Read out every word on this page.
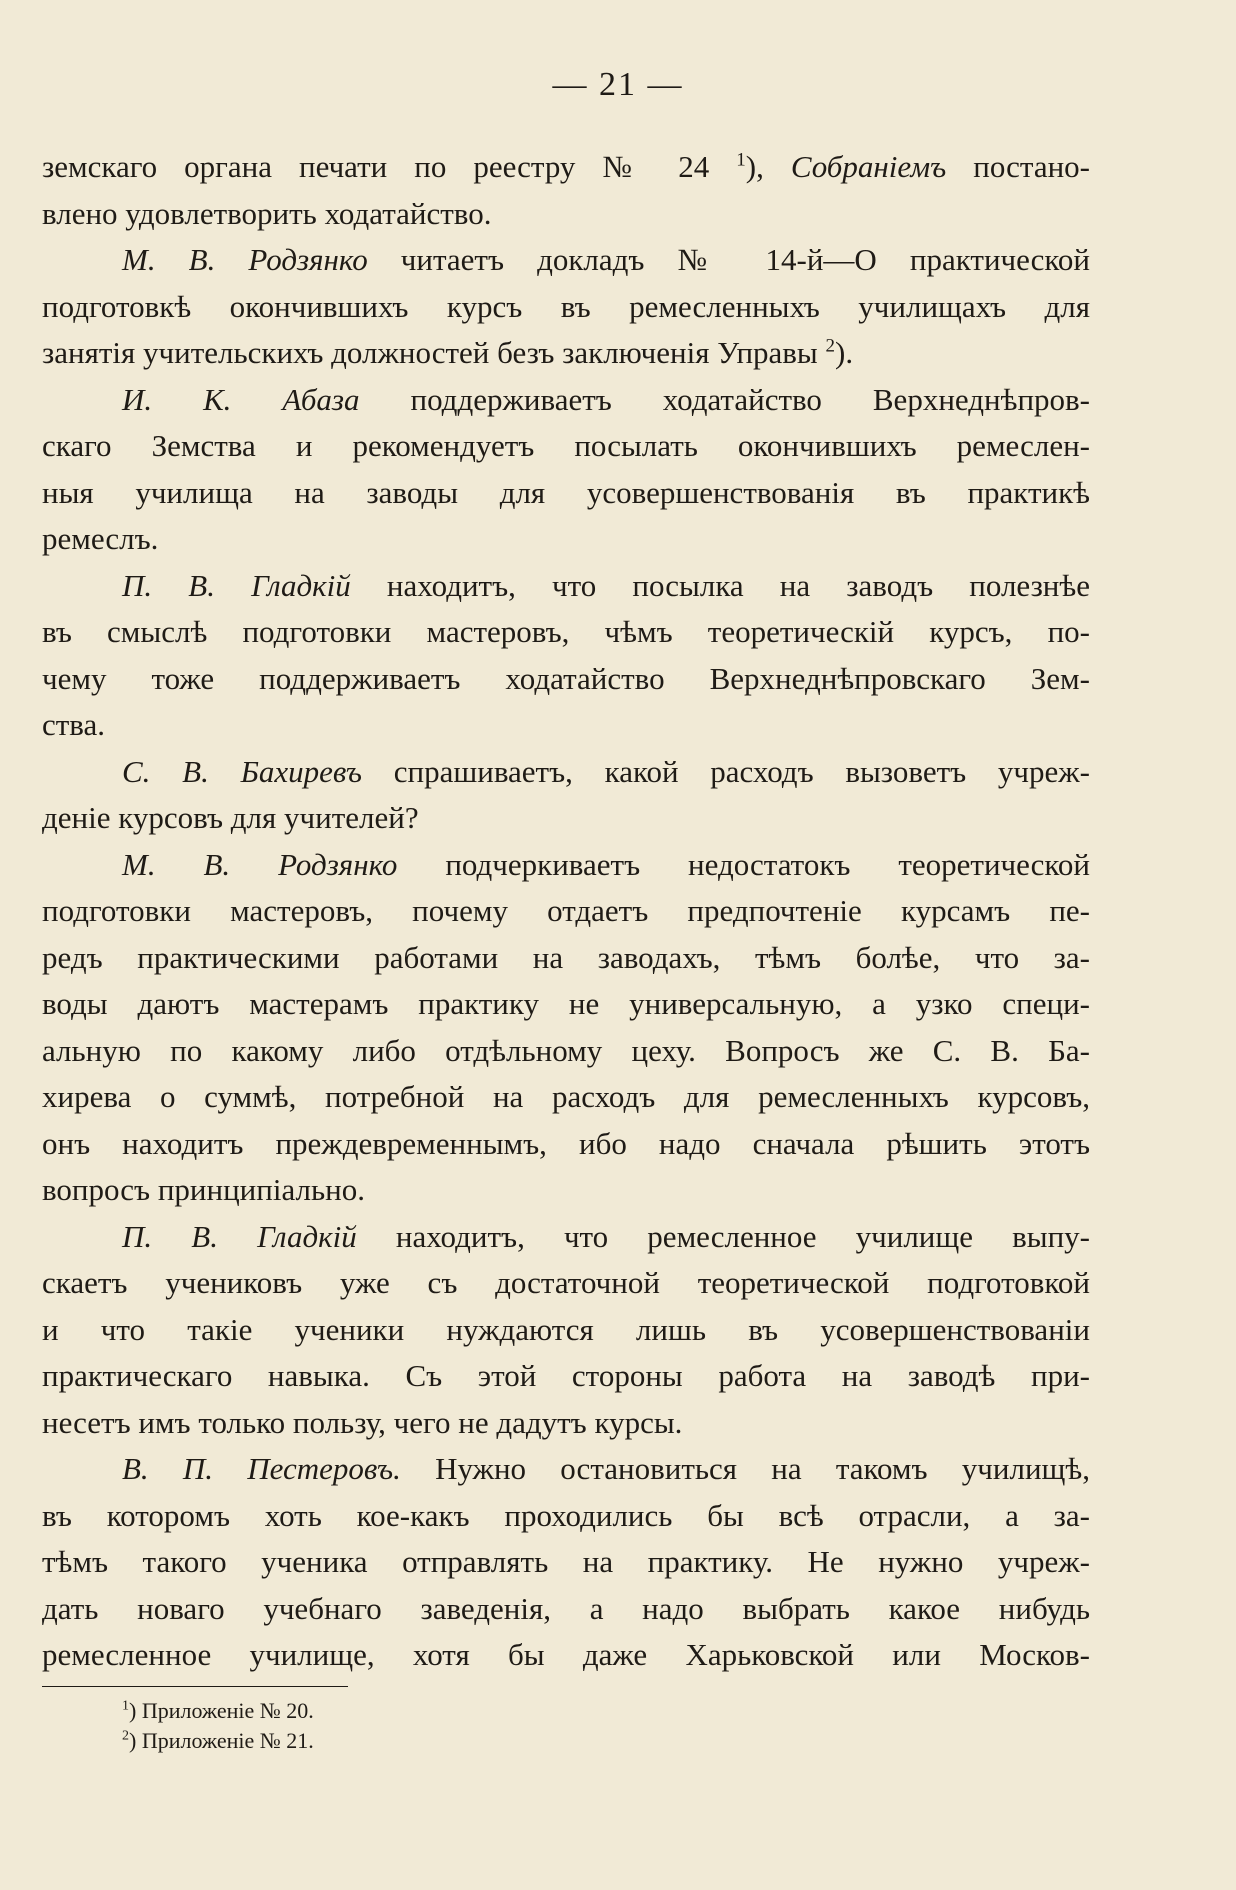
— 21 —
земскаго органа печати по реестру № 24 $^1$), Собраніемъ постано-
влено удовлетворить ходатайство.
М. В. Родзянко читаетъ докладъ № 14-й—О практической
подготовкѣ окончившихъ курсъ въ ремесленныхъ училищахъ для
занятія учительскихъ должностей безъ заключенія Управы $^2$).
И. К. Абаза поддерживаетъ ходатайство Верхнеднѣпров-
скаго Земства и рекомендуетъ посылать окончившихъ ремеслен-
ныя училища на заводы для усовершенствованія въ практикѣ
ремеслъ.
П. В. Гладкій находитъ, что посылка на заводъ полезнѣе
въ смыслѣ подготовки мастеровъ, чѣмъ теоретическій курсъ, по-
чему тоже поддерживаетъ ходатайство Верхнеднѣпровскаго Зем-
ства.
С. В. Бахиревъ спрашиваетъ, какой расходъ вызоветъ учреж-
деніе курсовъ для учителей?
М. В. Родзянко подчеркиваетъ недостатокъ теоретической
подготовки мастеровъ, почему отдаетъ предпочтеніе курсамъ пе-
редъ практическими работами на заводахъ, тѣмъ болѣе, что за-
воды даютъ мастерамъ практику не универсальную, а узко специ-
альную по какому либо отдѣльному цеху. Вопросъ же С. В. Ба-
хирева о суммѣ, потребной на расходъ для ремесленныхъ курсовъ,
онъ находитъ преждевременнымъ, ибо надо сначала рѣшить этотъ
вопросъ принципіально.
П. В. Гладкій находитъ, что ремесленное училище выпу-
скаетъ учениковъ уже съ достаточной теоретической подготовкой
и что такіе ученики нуждаются лишь въ усовершенствованіи
практическаго навыка. Съ этой стороны работа на заводѣ при-
несетъ имъ только пользу, чего не дадутъ курсы.
В. П. Пестеровъ. Нужно остановиться на такомъ училищѣ,
въ которомъ хоть кое-какъ проходились бы всѣ отрасли, а за-
тѣмъ такого ученика отправлять на практику. Не нужно учреж-
дать новаго учебнаго заведенія, а надо выбрать какое нибудь
ремесленное училище, хотя бы даже Харьковской или Москов-
$^1$) Приложеніе № 20.
$^2$) Приложеніе № 21.
